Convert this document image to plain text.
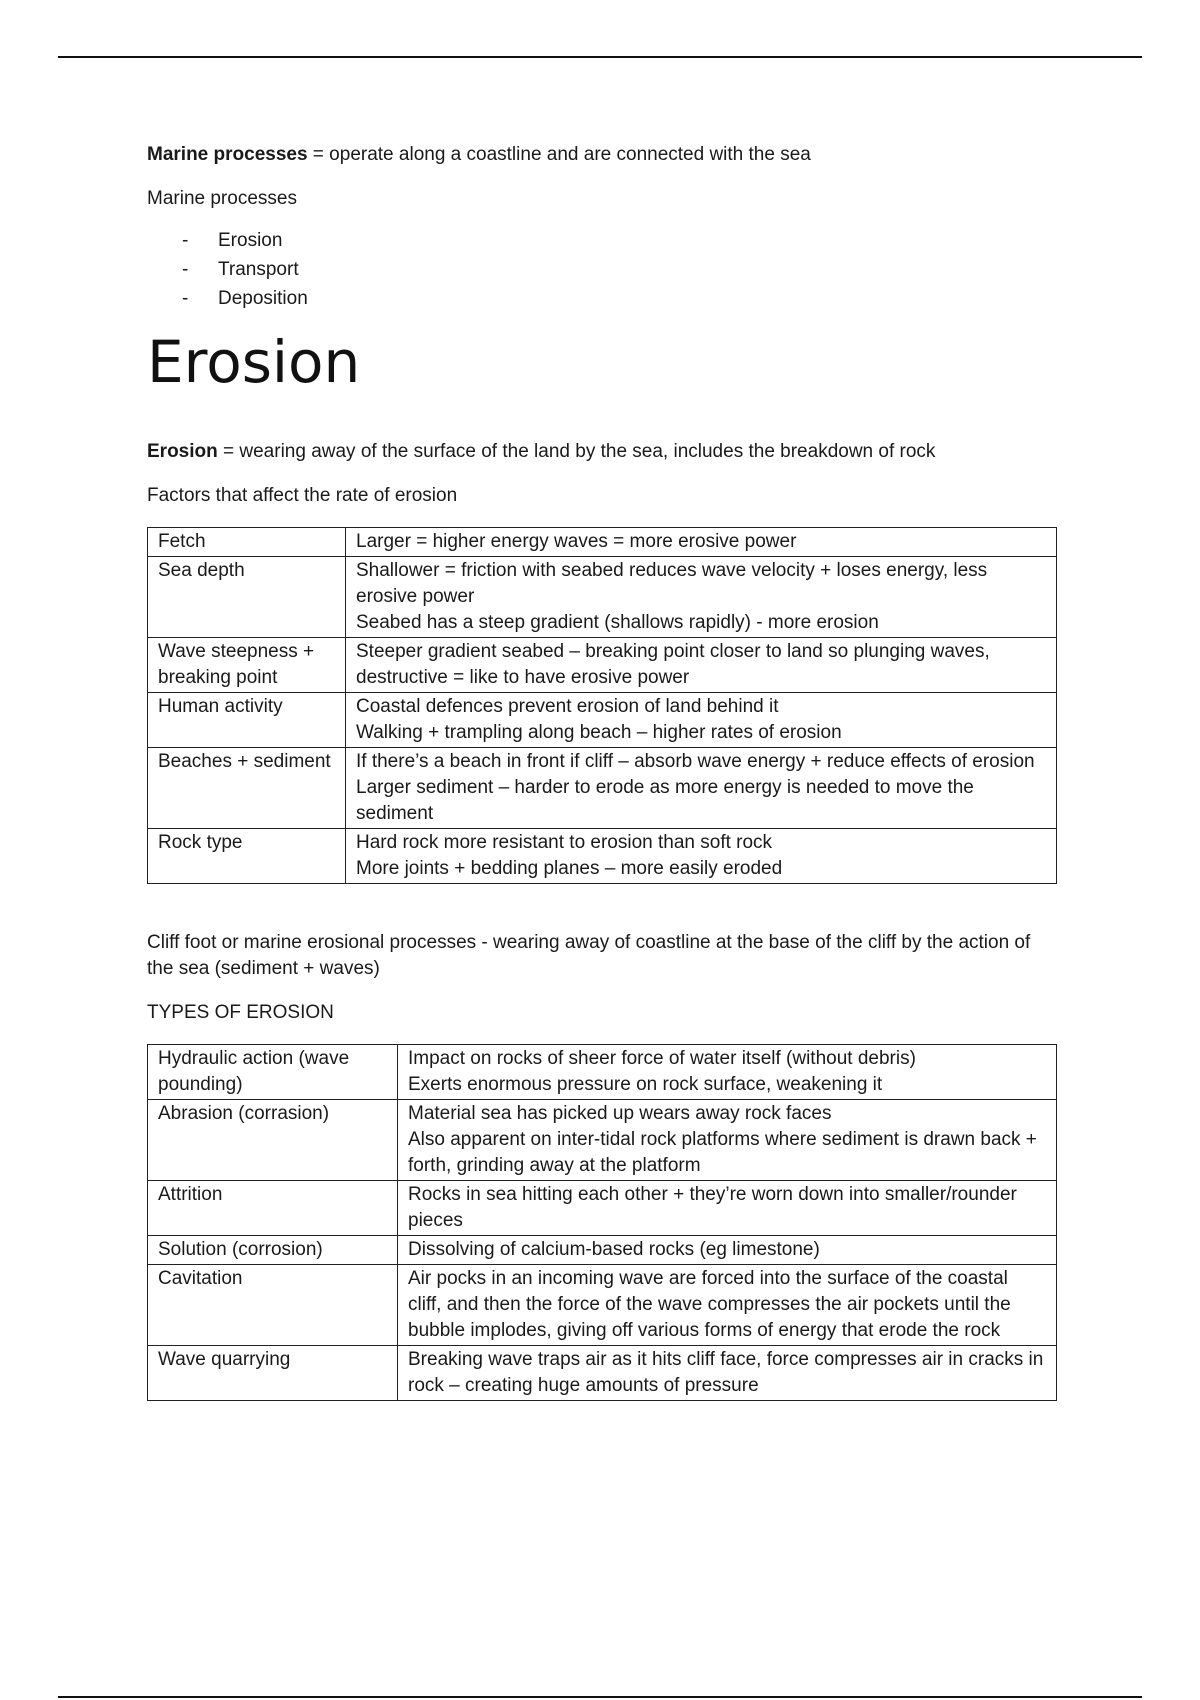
Marine processes = operate along a coastline and are connected with the sea

Marine processes

- Erosion
- Transport
- Deposition
Erosion

Erosion = wearing away of the surface of the land by the sea, includes the breakdown of rock

Factors that affect the rate of erosion

Fetch	Larger = higher energy waves = more erosive power

Sea depth	Shallower = friction with seabed reduces wave velocity + loses energy, less erosive power
Seabed has a steep gradient (shallows rapidly) - more erosion

Wave steepness + breaking point	Steeper gradient seabed – breaking point closer to land so plunging waves, destructive = like to have erosive power

Human activity	Coastal defences prevent erosion of land behind it
Walking + trampling along beach – higher rates of erosion

Beaches + sediment	If there’s a beach in front if cliff – absorb wave energy + reduce effects of erosion
Larger sediment – harder to erode as more energy is needed to move the sediment

Rock type	Hard rock more resistant to erosion than soft rock
More joints + bedding planes – more easily eroded

Cliff foot or marine erosional processes - wearing away of coastline at the base of the cliff by the action of the sea (sediment + waves)

TYPES OF EROSION

Hydraulic action (wave pounding)	Impact on rocks of sheer force of water itself (without debris)
Exerts enormous pressure on rock surface, weakening it

Abrasion (corrasion)	Material sea has picked up wears away rock faces
Also apparent on inter-tidal rock platforms where sediment is drawn back + forth, grinding away at the platform

Attrition	Rocks in sea hitting each other + they’re worn down into smaller/rounder pieces

Solution (corrosion)	Dissolving of calcium-based rocks (eg limestone)

Cavitation	Air pocks in an incoming wave are forced into the surface of the coastal cliff, and then the force of the wave compresses the air pockets until the bubble implodes, giving off various forms of energy that erode the rock

Wave quarrying	Breaking wave traps air as it hits cliff face, force compresses air in cracks in rock – creating huge amounts of pressure
